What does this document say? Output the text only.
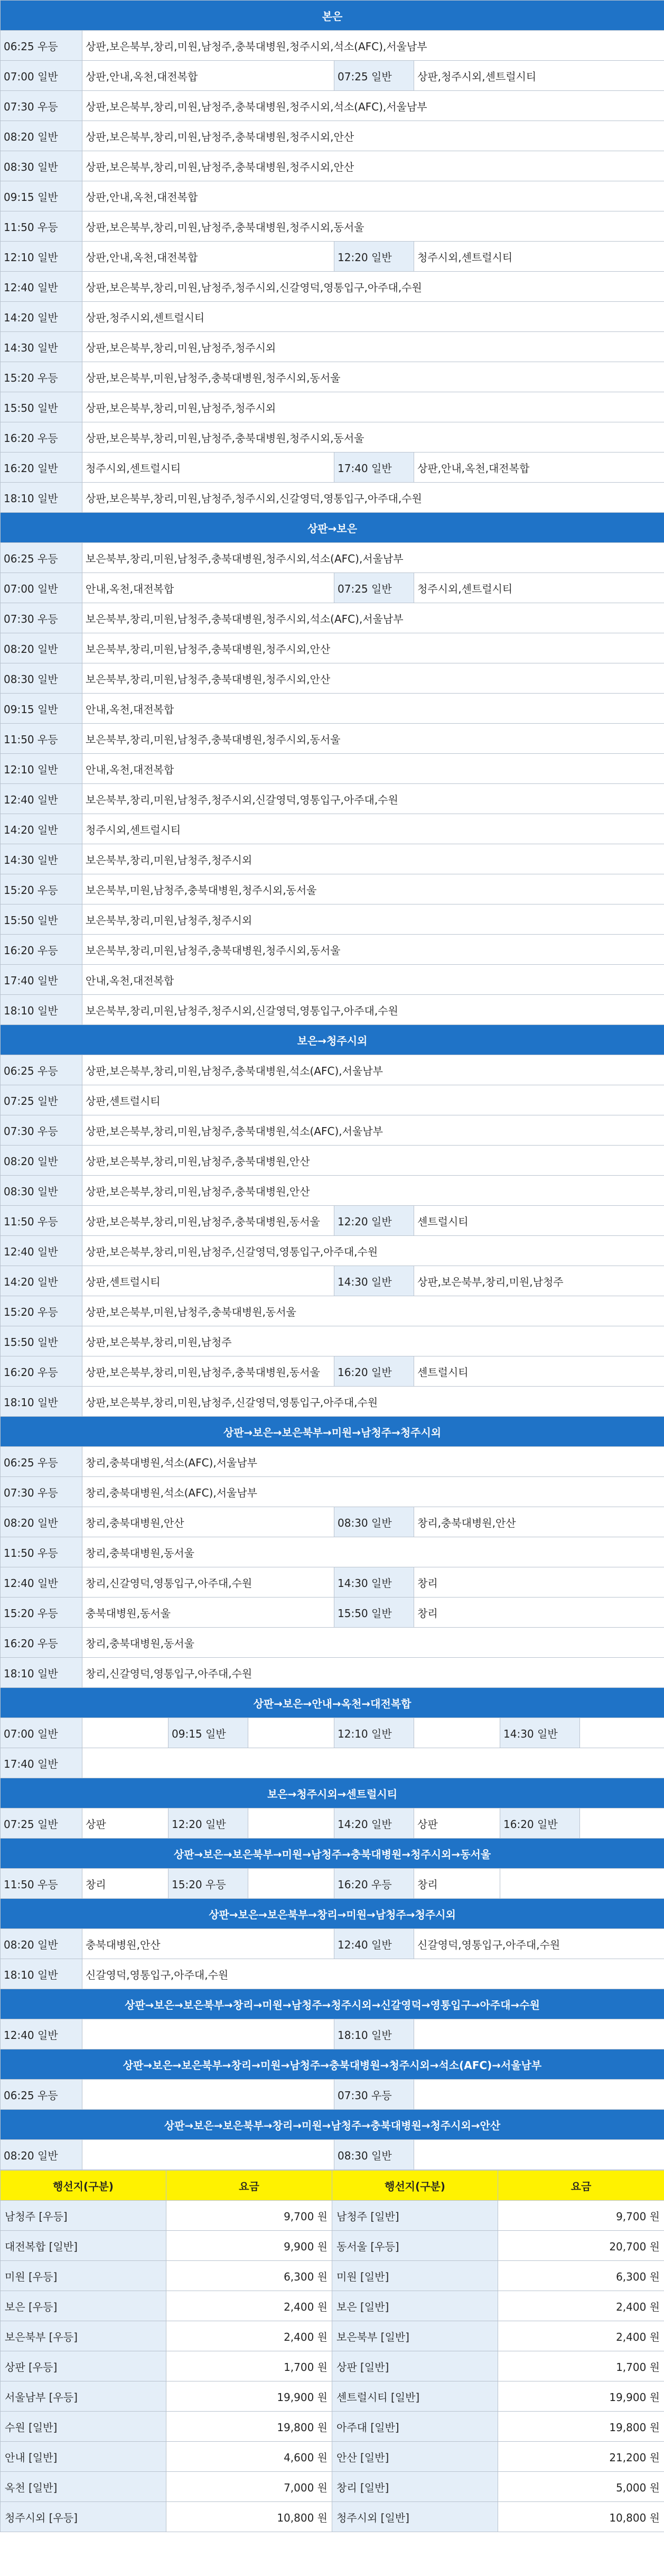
본은							
06:25 우등	상판,보은북부,창리,미원,남청주,충북대병원,청주시외,석소(AFC),서울남부						
07:00 일반	상판,안내,옥천,대전복합			07:25 일반	상판,청주시외,센트럴시티		
07:30 우등	상판,보은북부,창리,미원,남청주,충북대병원,청주시외,석소(AFC),서울남부						
08:20 일반	상판,보은북부,창리,미원,남청주,충북대병원,청주시외,안산						
08:30 일반	상판,보은북부,창리,미원,남청주,충북대병원,청주시외,안산						
09:15 일반	상판,안내,옥천,대전복합						
11:50 우등	상판,보은북부,창리,미원,남청주,충북대병원,청주시외,동서울						
12:10 일반	상판,안내,옥천,대전복합			12:20 일반	청주시외,센트럴시티		
12:40 일반	상판,보은북부,창리,미원,남청주,청주시외,신갈영덕,영통입구,아주대,수원						
14:20 일반	상판,청주시외,센트럴시티						
14:30 일반	상판,보은북부,창리,미원,남청주,청주시외						
15:20 우등	상판,보은북부,미원,남청주,충북대병원,청주시외,동서울						
15:50 일반	상판,보은북부,창리,미원,남청주,청주시외						
16:20 우등	상판,보은북부,창리,미원,남청주,충북대병원,청주시외,동서울						
16:20 일반	청주시외,센트럴시티			17:40 일반	상판,안내,옥천,대전복합		
18:10 일반	상판,보은북부,창리,미원,남청주,청주시외,신갈영덕,영통입구,아주대,수원						
상판→보은							
06:25 우등	보은북부,창리,미원,남청주,충북대병원,청주시외,석소(AFC),서울남부						
07:00 일반	안내,옥천,대전복합			07:25 일반	청주시외,센트럴시티		
07:30 우등	보은북부,창리,미원,남청주,충북대병원,청주시외,석소(AFC),서울남부						
08:20 일반	보은북부,창리,미원,남청주,충북대병원,청주시외,안산						
08:30 일반	보은북부,창리,미원,남청주,충북대병원,청주시외,안산						
09:15 일반	안내,옥천,대전복합						
11:50 우등	보은북부,창리,미원,남청주,충북대병원,청주시외,동서울						
12:10 일반	안내,옥천,대전복합						
12:40 일반	보은북부,창리,미원,남청주,청주시외,신갈영덕,영통입구,아주대,수원						
14:20 일반	청주시외,센트럴시티						
14:30 일반	보은북부,창리,미원,남청주,청주시외						
15:20 우등	보은북부,미원,남청주,충북대병원,청주시외,동서울						
15:50 일반	보은북부,창리,미원,남청주,청주시외						
16:20 우등	보은북부,창리,미원,남청주,충북대병원,청주시외,동서울						
17:40 일반	안내,옥천,대전복합						
18:10 일반	보은북부,창리,미원,남청주,청주시외,신갈영덕,영통입구,아주대,수원						
보은→청주시외							
06:25 우등	상판,보은북부,창리,미원,남청주,충북대병원,석소(AFC),서울남부						
07:25 일반	상판,센트럴시티						
07:30 우등	상판,보은북부,창리,미원,남청주,충북대병원,석소(AFC),서울남부						
08:20 일반	상판,보은북부,창리,미원,남청주,충북대병원,안산						
08:30 일반	상판,보은북부,창리,미원,남청주,충북대병원,안산						
11:50 우등	상판,보은북부,창리,미원,남청주,충북대병원,동서울			12:20 일반	센트럴시티		
12:40 일반	상판,보은북부,창리,미원,남청주,신갈영덕,영통입구,아주대,수원						
14:20 일반	상판,센트럴시티			14:30 일반	상판,보은북부,창리,미원,남청주		
15:20 우등	상판,보은북부,미원,남청주,충북대병원,동서울						
15:50 일반	상판,보은북부,창리,미원,남청주						
16:20 우등	상판,보은북부,창리,미원,남청주,충북대병원,동서울			16:20 일반	센트럴시티		
18:10 일반	상판,보은북부,창리,미원,남청주,신갈영덕,영통입구,아주대,수원						
상판→보은→보은북부→미원→남청주→청주시외							
06:25 우등	창리,충북대병원,석소(AFC),서울남부						
07:30 우등	창리,충북대병원,석소(AFC),서울남부						
08:20 일반	창리,충북대병원,안산			08:30 일반	창리,충북대병원,안산		
11:50 우등	창리,충북대병원,동서울						
12:40 일반	창리,신갈영덕,영통입구,아주대,수원			14:30 일반	창리		
15:20 우등	충북대병원,동서울			15:50 일반	창리		
16:20 우등	창리,충북대병원,동서울						
18:10 일반	창리,신갈영덕,영통입구,아주대,수원						
상판→보은→안내→옥천→대전복합							
07:00 일반		09:15 일반		12:10 일반		14:30 일반	
17:40 일반							
보은→청주시외→센트럴시티							
07:25 일반	상판	12:20 일반		14:20 일반	상판	16:20 일반	
상판→보은→보은북부→미원→남청주→충북대병원→청주시외→동서울							
11:50 우등	창리	15:20 우등		16:20 우등	창리		
상판→보은→보은북부→창리→미원→남청주→청주시외							
08:20 일반	충북대병원,안산			12:40 일반	신갈영덕,영통입구,아주대,수원		
18:10 일반	신갈영덕,영통입구,아주대,수원						
상판→보은→보은북부→창리→미원→남청주→청주시외→신갈영덕→영통입구→아주대→수원							
12:40 일반				18:10 일반			
상판→보은→보은북부→창리→미원→남청주→충북대병원→청주시외→석소(AFC)→서울남부							
06:25 우등				07:30 우등			
상판→보은→보은북부→창리→미원→남청주→충북대병원→청주시외→안산							
08:20 일반				08:30 일반			
행선지(구분)	요금	행선지(구분)	요금
남청주 [우등]	9,700 원	남청주 [일반]	9,700 원
대전복합 [일반]	9,900 원	동서울 [우등]	20,700 원
미원 [우등]	6,300 원	미원 [일반]	6,300 원
보은 [우등]	2,400 원	보은 [일반]	2,400 원
보은북부 [우등]	2,400 원	보은북부 [일반]	2,400 원
상판 [우등]	1,700 원	상판 [일반]	1,700 원
서울남부 [우등]	19,900 원	센트럴시티 [일반]	19,900 원
수원 [일반]	19,800 원	아주대 [일반]	19,800 원
안내 [일반]	4,600 원	안산 [일반]	21,200 원
옥천 [일반]	7,000 원	창리 [일반]	5,000 원
청주시외 [우등]	10,800 원	청주시외 [일반]	10,800 원
